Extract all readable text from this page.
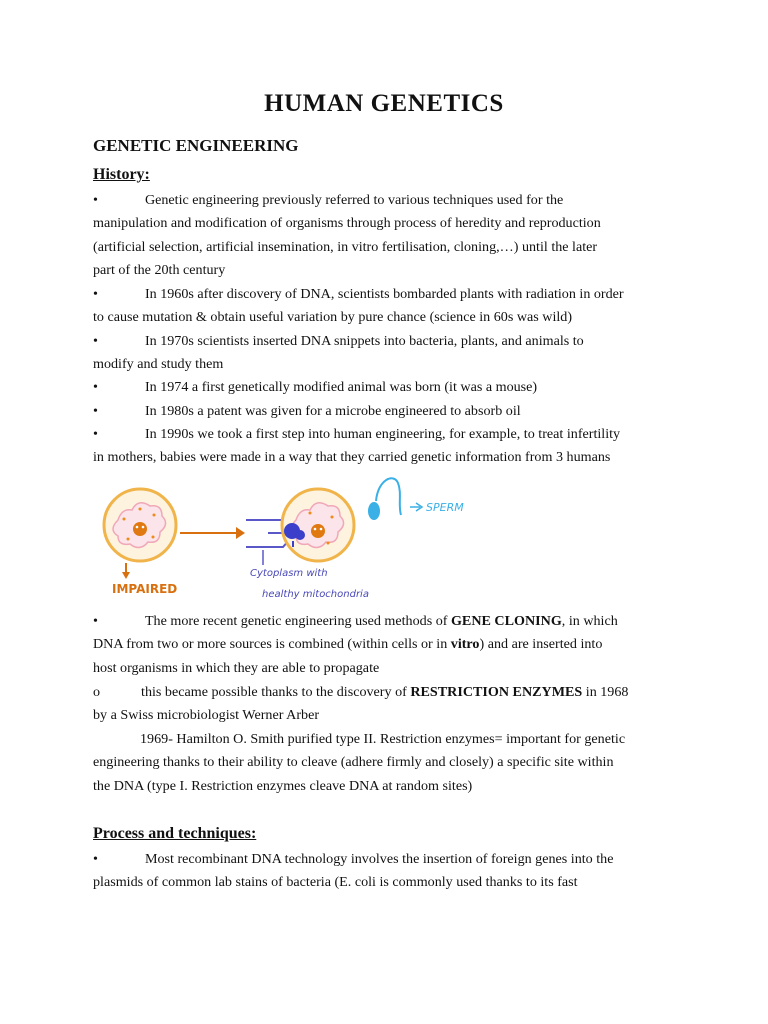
HUMAN GENETICS
GENETIC ENGINEERING
History:

•	Genetic engineering previously referred to various techniques used for the
manipulation and modification of organisms through process of heredity and reproduction
(artificial selection, artificial insemination, in vitro fertilisation, cloning,…) until the later
part of the 20th century

•	In 1960s after discovery of DNA, scientists bombarded plants with radiation in order
to cause mutation & obtain useful variation by pure chance (science in 60s was wild)

•	In 1970s scientists inserted DNA snippets into bacteria, plants, and animals to
modify and study them

•	In 1974 a first genetically modified animal was born (it was a mouse)

•	In 1980s a patent was given for a microbe engineered to absorb oil

•	In 1990s we took a first step into human engineering, for example, to treat infertility
in mothers, babies were made in a way that they carried genetic information from 3 humans

IMPAIRED
Cytoplasm with
healthy mitochondria
SPERM

•	The more recent genetic engineering used methods of GENE CLONING, in which
DNA from two or more sources is combined (within cells or in vitro) and are inserted into
host organisms in which they are able to propagate

o	this became possible thanks to the discovery of RESTRICTION ENZYMES in 1968
by a Swiss microbiologist Werner Arber

1969- Hamilton O. Smith purified type II. Restriction enzymes= important for genetic
engineering thanks to their ability to cleave (adhere firmly and closely) a specific site within
the DNA (type I. Restriction enzymes cleave DNA at random sites)

Process and techniques:

•	Most recombinant DNA technology involves the insertion of foreign genes into the
plasmids of common lab stains of bacteria (E. coli is commonly used thanks to its fast
